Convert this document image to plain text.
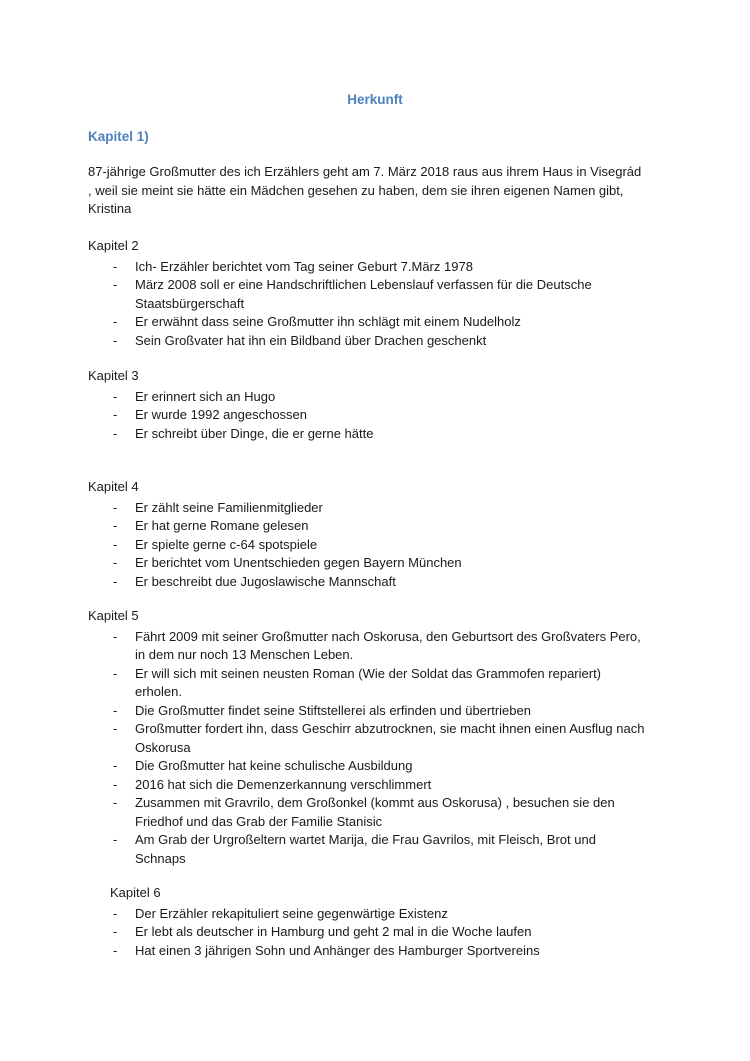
Herkunft
Kapitel 1)
87-jährige Großmutter des ich Erzählers geht am 7. März 2018 raus aus ihrem Haus in Visegrád , weil sie meint sie hätte ein Mädchen gesehen zu haben, dem sie ihren eigenen Namen gibt, Kristina
Kapitel 2
- Ich- Erzähler berichtet vom Tag seiner Geburt 7.März 1978
- März 2008 soll er eine Handschriftlichen Lebenslauf verfassen für die Deutsche Staatsbürgerschaft
- Er erwähnt dass seine Großmutter ihn schlägt mit einem Nudelholz
- Sein Großvater hat ihn ein Bildband über Drachen geschenkt
Kapitel 3
- Er erinnert sich an Hugo
- Er wurde 1992 angeschossen
- Er schreibt über Dinge, die er gerne hätte
Kapitel 4
- Er zählt seine Familienmitglieder
- Er hat gerne Romane gelesen
- Er spielte gerne c-64 spotspiele
- Er berichtet vom Unentschieden gegen Bayern München
- Er beschreibt due Jugoslawische Mannschaft
Kapitel 5
- Fährt 2009 mit seiner Großmutter nach Oskorusa, den Geburtsort des Großvaters Pero, in dem nur noch 13 Menschen Leben.
- Er will sich mit seinen neusten Roman (Wie der Soldat das Grammofen repariert) erholen.
- Die Großmutter findet seine Stiftstellerei als erfinden und übertrieben
- Großmutter fordert ihn, dass Geschirr abzutrocknen, sie macht ihnen einen Ausflug nach Oskorusa
- Die Großmutter hat keine schulische Ausbildung
- 2016 hat sich die Demenzerkannung verschlimmert
- Zusammen mit Gravrilo, dem Großonkel (kommt aus Oskorusa) , besuchen sie den Friedhof und das Grab der Familie Stanisic
- Am Grab der Urgroßeltern wartet Marija, die Frau Gavrilos, mit Fleisch, Brot und Schnaps
Kapitel 6
- Der Erzähler rekapituliert seine gegenwärtige Existenz
- Er lebt als deutscher in Hamburg und geht 2 mal in die Woche laufen
- Hat einen 3 jährigen Sohn und Anhänger des Hamburger Sportvereins
